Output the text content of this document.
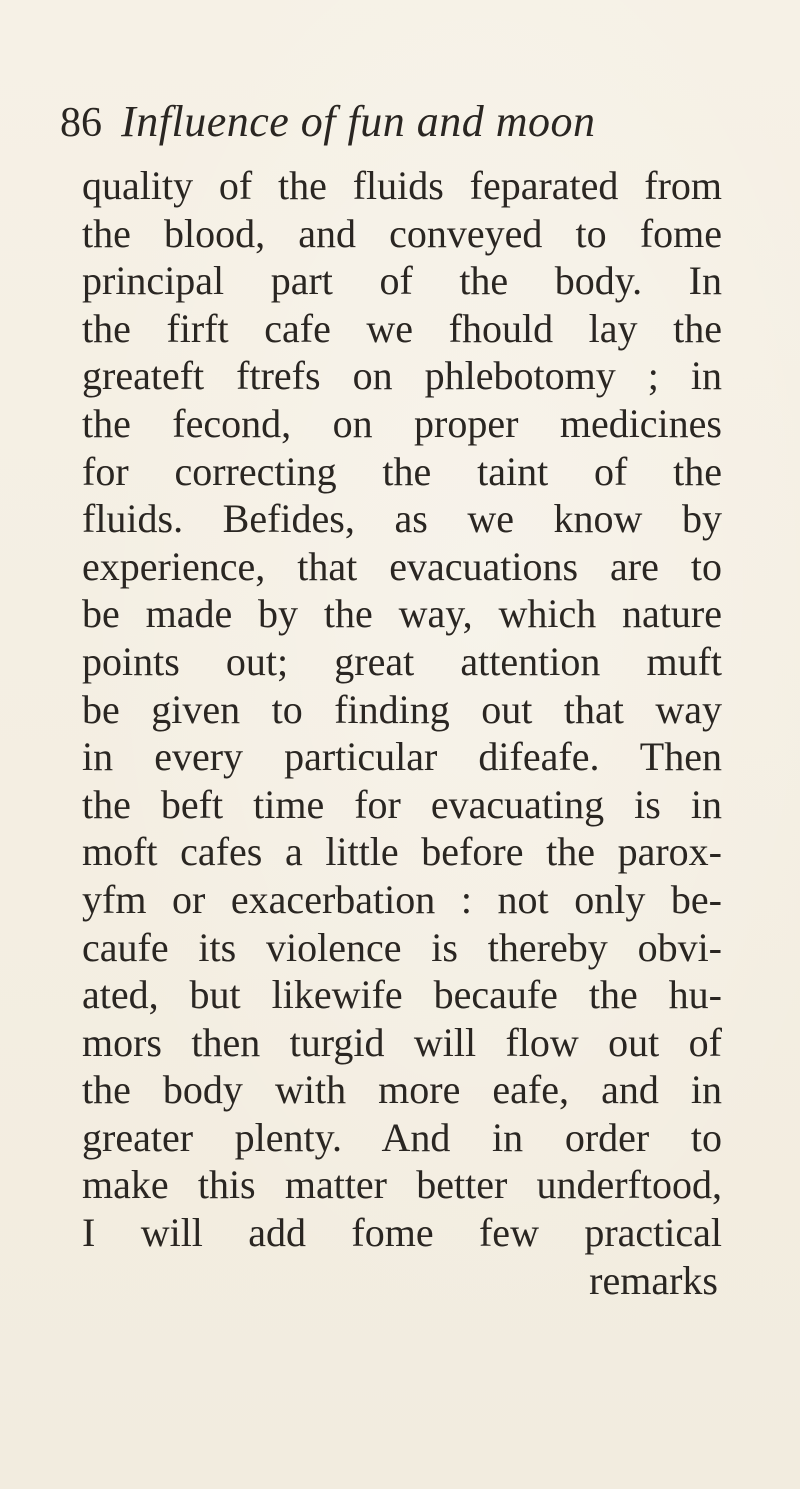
86 Influence of fun and moon
quality of the fluids feparated from
the blood, and conveyed to fome
principal part of the body. In
the firft cafe we fhould lay the
greateft ftrefs on phlebotomy ; in
the fecond, on proper medicines
for correcting the taint of the
fluids. Befides, as we know by
experience, that evacuations are to
be made by the way, which nature
points out; great attention muft
be given to finding out that way
in every particular difeafe. Then
the beft time for evacuating is in
moft cafes a little before the parox-
yfm or exacerbation : not only be-
caufe its violence is thereby obvi-
ated, but likewife becaufe the hu-
mors then turgid will flow out of
the body with more eafe, and in
greater plenty. And in order to
make this matter better underftood,
I will add fome few practical
remarks
